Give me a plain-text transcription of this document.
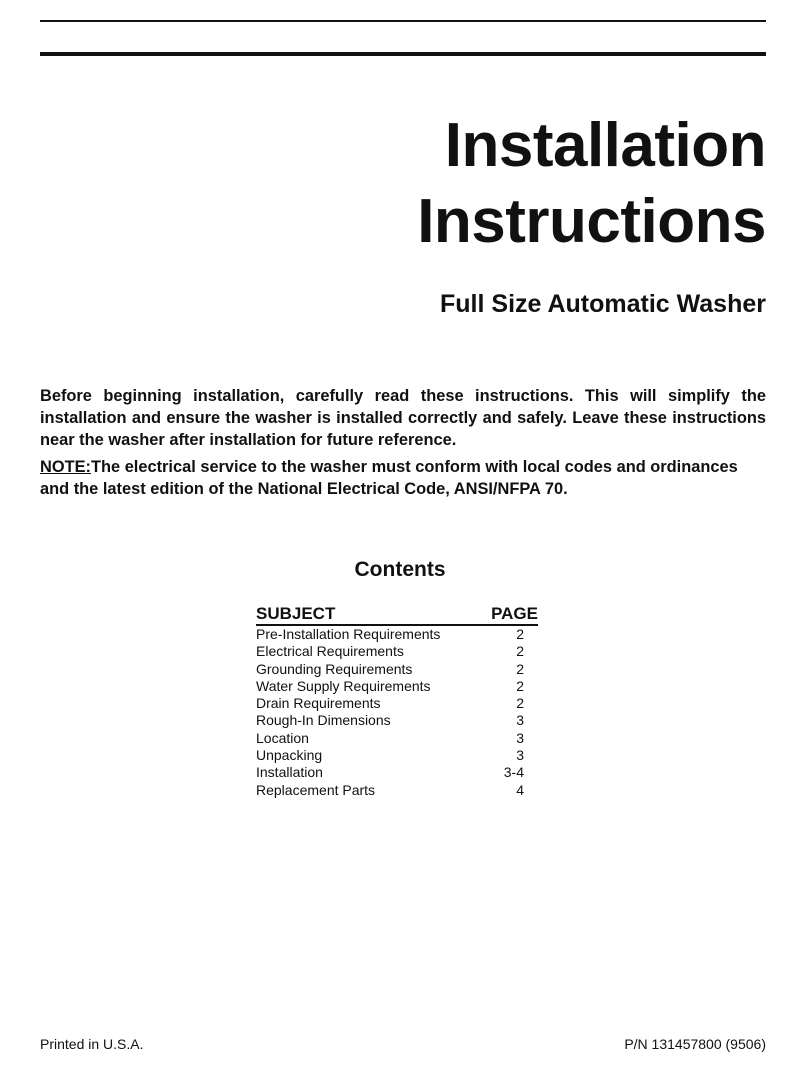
Installation
Instructions
Full Size Automatic Washer

Before beginning installation, carefully read these instructions. This will simplify the installation and ensure the washer is installed correctly and safely. Leave these instructions near the washer after installation for future reference.

NOTE:The electrical service to the washer must conform with local codes and ordinances and the latest edition of the National Electrical Code, ANSI/NFPA 70.

Contents
SUBJECT	PAGE
Pre-Installation Requirements	2
Electrical Requirements	2
Grounding Requirements	2
Water Supply Requirements	2
Drain Requirements	2
Rough-In Dimensions	3
Location	3
Unpacking	3
Installation	3-4
Replacement Parts	4

Printed in U.S.A.	P/N 131457800 (9506)
